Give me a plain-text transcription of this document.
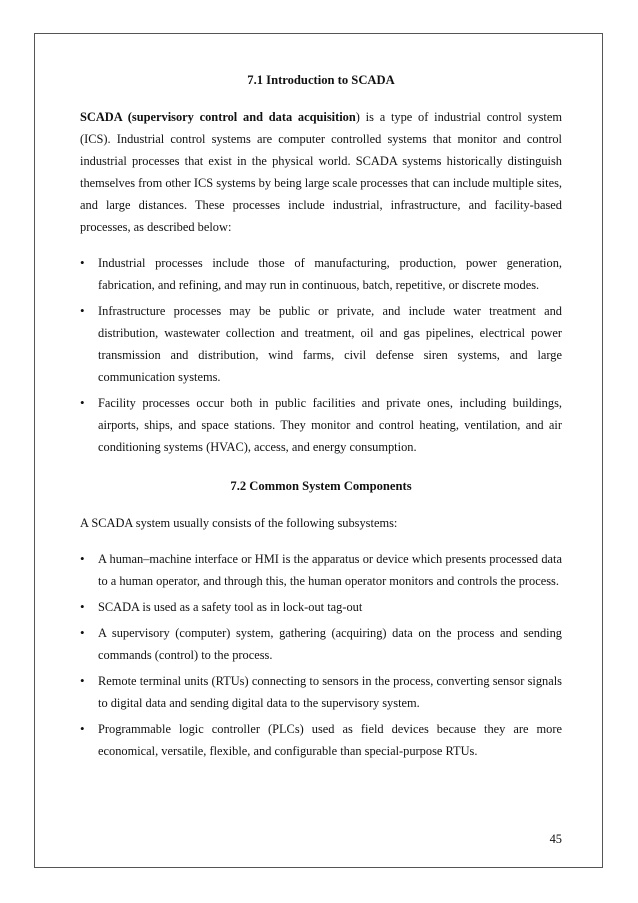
7.1 Introduction to SCADA

SCADA (supervisory control and data acquisition) is a type of industrial control system (ICS). Industrial control systems are computer controlled systems that monitor and control industrial processes that exist in the physical world. SCADA systems historically distinguish themselves from other ICS systems by being large scale processes that can include multiple sites, and large distances. These processes include industrial, infrastructure, and facility-based processes, as described below:

• Industrial processes include those of manufacturing, production, power generation, fabrication, and refining, and may run in continuous, batch, repetitive, or discrete modes.
• Infrastructure processes may be public or private, and include water treatment and distribution, wastewater collection and treatment, oil and gas pipelines, electrical power transmission and distribution, wind farms, civil defense siren systems, and large communication systems.
• Facility processes occur both in public facilities and private ones, including buildings, airports, ships, and space stations. They monitor and control heating, ventilation, and air conditioning systems (HVAC), access, and energy consumption.
7.2 Common System Components

A SCADA system usually consists of the following subsystems:

• A human–machine interface or HMI is the apparatus or device which presents processed data to a human operator, and through this, the human operator monitors and controls the process.
• SCADA is used as a safety tool as in lock-out tag-out
• A supervisory (computer) system, gathering (acquiring) data on the process and sending commands (control) to the process.
• Remote terminal units (RTUs) connecting to sensors in the process, converting sensor signals to digital data and sending digital data to the supervisory system.
• Programmable logic controller (PLCs) used as field devices because they are more economical, versatile, flexible, and configurable than special-purpose RTUs.
45
